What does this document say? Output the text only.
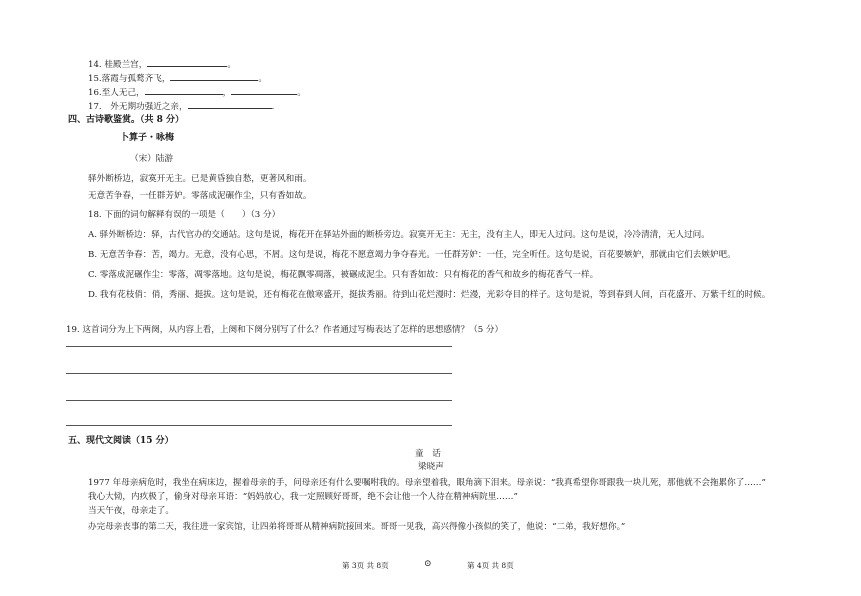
14. 桂殿兰宫，	。
15.落霞与孤鹜齐飞，	。
16.至人无己，	，	。
17.　外无期功强近之亲，	.
四、古诗歌鉴赏。（共 8 分）
卜算子・咏梅
（宋）陆游
驿外断桥边，寂寞开无主。已是黄昏独自愁，更著风和雨。
无意苦争春，一任群芳妒。零落成泥碾作尘，只有香如故。
18. 下面的词句解释有误的一项是（　　）（3 分）
A. 驿外断桥边：驿，古代官办的交通站。这句是说，梅花开在驿站外面的断桥旁边。寂寞开无主：无主，没有主人，即无人过问。这句是说，冷冷清清，无人过问。
B. 无意苦争春：苦，竭力。无意，没有心思，不屑。这句是说，梅花不愿意竭力争夺春光。一任群芳妒：一任，完全听任。这句是说，百花要嫉妒，那就由它们去嫉妒吧。
C. 零落成泥碾作尘：零落，凋零落地。这句是说，梅花飘零凋落，被碾成泥尘。只有香如故：只有梅花的香气和故乡的梅花香气一样。
D. 我有花枝俏：俏，秀丽、挺拔。这句是说，还有梅花在傲寒盛开，挺拔秀丽。待到山花烂漫时：烂漫，光彩夺目的样子。这句是说，等到春到人间，百花盛开、万紫千红的时候。
19. 这首词分为上下两阕，从内容上看，上阕和下阕分别写了什么？作者通过写梅表达了怎样的思想感情？（5 分）
五、现代文阅读（15 分）
童　话
梁晓声
1977 年母亲病危时，我坐在病床边，握着母亲的手，问母亲还有什么要嘱咐我的。母亲望着我，眼角滴下泪来。母亲说：“我真希望你哥跟我一块儿死，那他就不会拖累你了……”
我心大恸，内疚极了，偷身对母亲耳语：“妈妈放心，我一定照顾好哥哥，绝不会让他一个人待在精神病院里……”
当天午夜，母亲走了。
办完母亲丧事的第二天，我往进一家宾馆，让四弟将哥哥从精神病院接回来。哥哥一见我，高兴得像小孩似的笑了，他说：“二弟，我好想你。”
第 3页 共 8页	⊙	第 4页 共 8页
